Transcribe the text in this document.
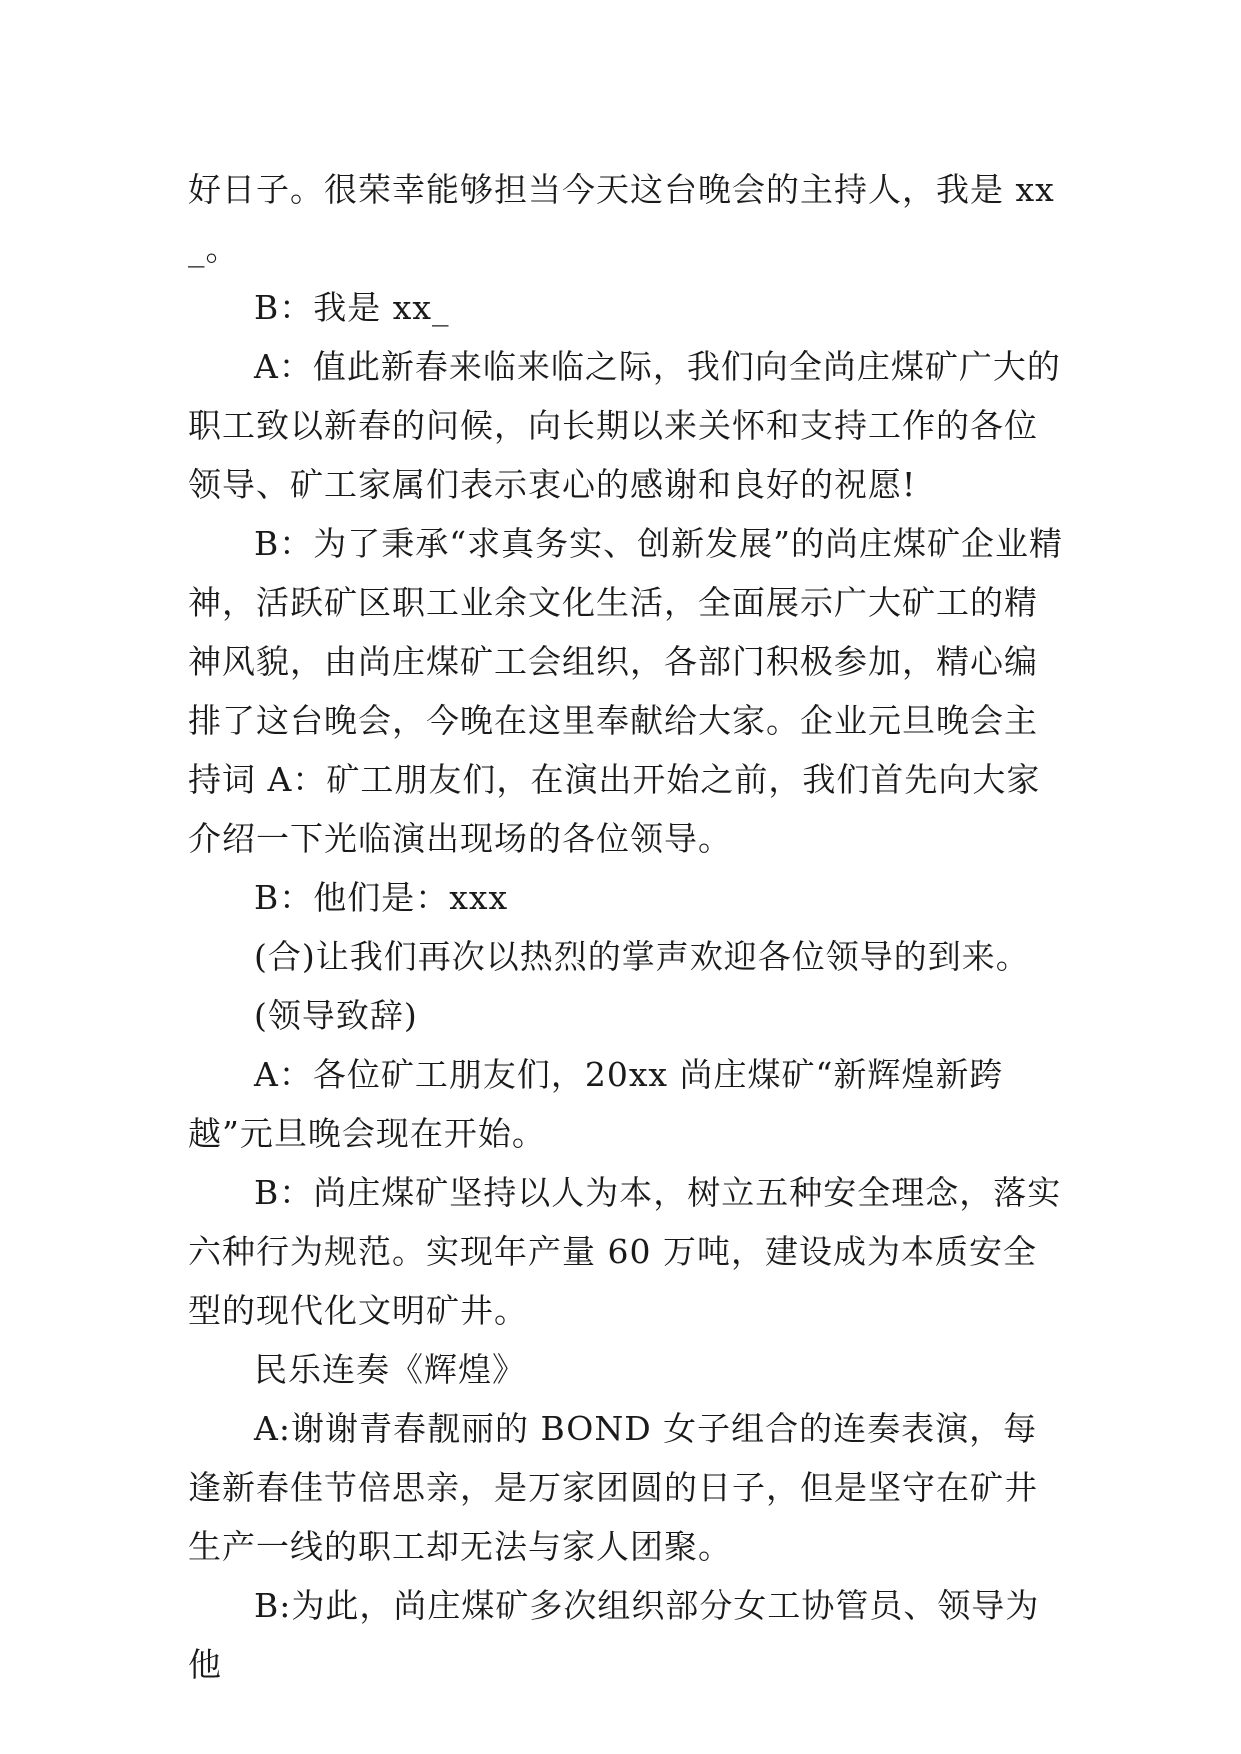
好日子。很荣幸能够担当今天这台晚会的主持人，我是 xx_。

B：我是 xx_

A：值此新春来临来临之际，我们向全尚庄煤矿广大的职工致以新春的问候，向长期以来关怀和支持工作的各位领导、矿工家属们表示衷心的感谢和良好的祝愿!

B：为了秉承“求真务实、创新发展”的尚庄煤矿企业精神，活跃矿区职工业余文化生活，全面展示广大矿工的精神风貌，由尚庄煤矿工会组织，各部门积极参加，精心编排了这台晚会，今晚在这里奉献给大家。企业元旦晚会主持词 A：矿工朋友们，在演出开始之前，我们首先向大家介绍一下光临演出现场的各位领导。

B：他们是：xxx

(合)让我们再次以热烈的掌声欢迎各位领导的到来。

(领导致辞)

A：各位矿工朋友们，20xx 尚庄煤矿“新辉煌新跨越”元旦晚会现在开始。

B：尚庄煤矿坚持以人为本，树立五种安全理念，落实六种行为规范。实现年产量 60 万吨，建设成为本质安全型的现代化文明矿井。

民乐连奏《辉煌》

A:谢谢青春靓丽的 BOND 女子组合的连奏表演，每逢新春佳节倍思亲，是万家团圆的日子，但是坚守在矿井生产一线的职工却无法与家人团聚。

B:为此，尚庄煤矿多次组织部分女工协管员、领导为他
